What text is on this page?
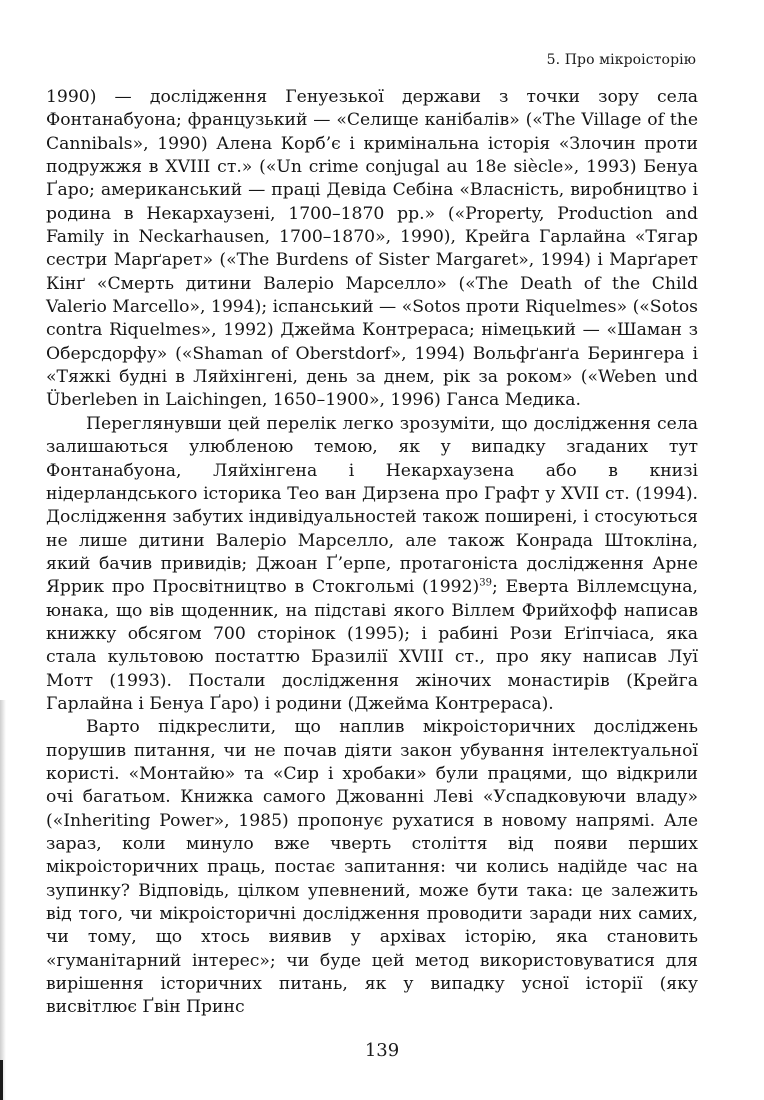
5. Про мікроісторію

1990) — дослідження Генуезької держави з точки зору села Фонтанабуона; французький — «Селище канібалів» («The Village of the Cannibals», 1990) Алена Корб’є і кримінальна історія «Злочин проти подружжя в XVIII ст.» («Un crime conjugal au 18e siècle», 1993) Бенуа Ґаро; американський — праці Девіда Себіна «Власність, виробництво і родина в Некархаузені, 1700–1870 рр.» («Property, Production and Family in Neckarhausen, 1700–1870», 1990), Крейга Гарлайна «Тягар сестри Марґарет» («The Burdens of Sister Margaret», 1994) і Марґарет Кінґ «Смерть дитини Валеріо Марселло» («The Death of the Child Valerio Marcello», 1994); іспанський — «Sotos проти Riquelmes» («Sotos contra Riquelmes», 1992) Джейма Контрераса; німецький — «Шаман з Оберсдорфу» («Shaman of Oberstdorf», 1994) Вольфґанґа Берингера і «Тяжкі будні в Ляйхінгені, день за днем, рік за роком» («Weben und Überleben in Laichingen, 1650–1900», 1996) Ганса Медика.

Переглянувши цей перелік легко зрозуміти, що дослідження села залишаються улюбленою темою, як у випадку згаданих тут Фонтанабуона, Ляйхінгена і Некархаузена або в книзі нідерландського історика Тео ван Дирзена про Графт у XVII ст. (1994). Дослідження забутих індивідуальностей також поширені, і стосуються не лише дитини Валеріо Марселло, але також Конрада Штокліна, який бачив привидів; Джоан Ґ’ерпе, протагоніста дослідження Арне Яррик про Просвітництво в Стокгольмі $(1992)^{39}$; Еверта Віллемсцуна, юнака, що вів щоденник, на підставі якого Віллем Фрийхофф написав книжку обсягом 700 сторінок (1995); і рабині Рози Еґіпчіаса, яка стала культовою постаттю Бразилії XVIII ст., про яку написав Луї Мотт (1993). Постали дослідження жіночих монастирів (Крейга Гарлайна і Бенуа Ґаро) і родини (Джейма Контрераса).

Варто підкреслити, що наплив мікроісторичних досліджень порушив питання, чи не почав діяти закон убування інтелектуальної користі. «Монтайю» та «Сир і хробаки» були працями, що відкрили очі багатьом. Книжка самого Джованні Леві «Успадковуючи владу» («Inheriting Power», 1985) пропонує рухатися в новому напрямі. Але зараз, коли минуло вже чверть століття від появи перших мікроісторичних праць, постає запитання: чи колись надійде час на зупинку? Відповідь, цілком упевнений, може бути така: це залежить від того, чи мікроісторичні дослідження проводити заради них самих, чи тому, що хтось виявив у архівах історію, яка становить «гуманітарний інтерес»; чи буде цей метод використовуватися для вирішення історичних питань, як у випадку усної історії (яку висвітлює Ґвін Принс

139
